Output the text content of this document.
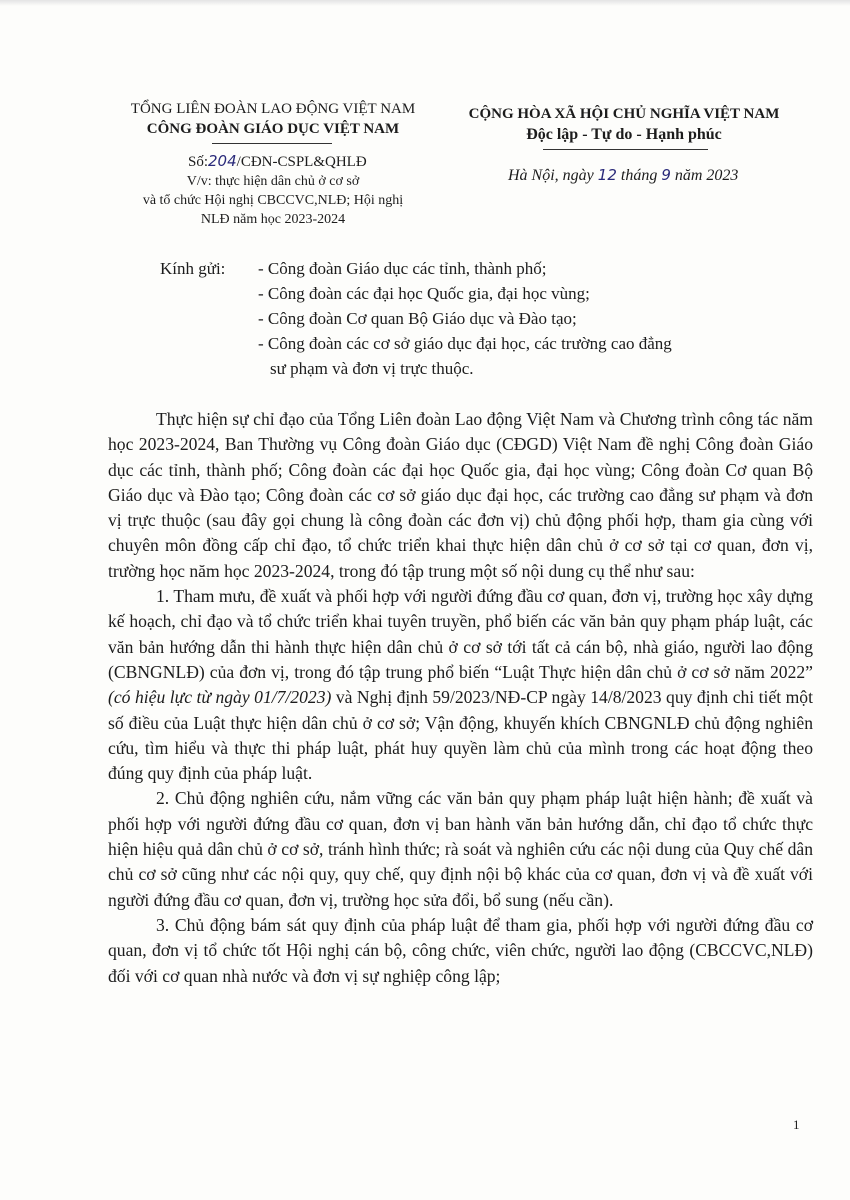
TỔNG LIÊN ĐOÀN LAO ĐỘNG VIỆT NAM
CÔNG ĐOÀN GIÁO DỤC VIỆT NAM
Số:204/CĐN-CSPL&QHLĐ
V/v: thực hiện dân chủ ở cơ sở
và tổ chức Hội nghị CBCCVC,NLĐ; Hội nghị
NLĐ năm học 2023-2024
CỘNG HÒA XÃ HỘI CHỦ NGHĨA VIỆT NAM
Độc lập - Tự do - Hạnh phúc
Hà Nội, ngày 12 tháng 9 năm 2023
Kính gửi: - Công đoàn Giáo dục các tỉnh, thành phố;
- Công đoàn các đại học Quốc gia, đại học vùng;
- Công đoàn Cơ quan Bộ Giáo dục và Đào tạo;
- Công đoàn các cơ sở giáo dục đại học, các trường cao đẳng
sư phạm và đơn vị trực thuộc.

Thực hiện sự chỉ đạo của Tổng Liên đoàn Lao động Việt Nam và Chương trình công tác năm học 2023-2024, Ban Thường vụ Công đoàn Giáo dục (CĐGD) Việt Nam đề nghị Công đoàn Giáo dục các tỉnh, thành phố; Công đoàn các đại học Quốc gia, đại học vùng; Công đoàn Cơ quan Bộ Giáo dục và Đào tạo; Công đoàn các cơ sở giáo dục đại học, các trường cao đẳng sư phạm và đơn vị trực thuộc (sau đây gọi chung là công đoàn các đơn vị) chủ động phối hợp, tham gia cùng với chuyên môn đồng cấp chỉ đạo, tổ chức triển khai thực hiện dân chủ ở cơ sở tại cơ quan, đơn vị, trường học năm học 2023-2024, trong đó tập trung một số nội dung cụ thể như sau:

1. Tham mưu, đề xuất và phối hợp với người đứng đầu cơ quan, đơn vị, trường học xây dựng kế hoạch, chỉ đạo và tổ chức triển khai tuyên truyền, phổ biến các văn bản quy phạm pháp luật, các văn bản hướng dẫn thi hành thực hiện dân chủ ở cơ sở tới tất cả cán bộ, nhà giáo, người lao động (CBNGNLĐ) của đơn vị, trong đó tập trung phổ biến “Luật Thực hiện dân chủ ở cơ sở năm 2022” (có hiệu lực từ ngày 01/7/2023) và Nghị định 59/2023/NĐ-CP ngày 14/8/2023 quy định chi tiết một số điều của Luật thực hiện dân chủ ở cơ sở; Vận động, khuyến khích CBNGNLĐ chủ động nghiên cứu, tìm hiểu và thực thi pháp luật, phát huy quyền làm chủ của mình trong các hoạt động theo đúng quy định của pháp luật.

2. Chủ động nghiên cứu, nắm vững các văn bản quy phạm pháp luật hiện hành; đề xuất và phối hợp với người đứng đầu cơ quan, đơn vị ban hành văn bản hướng dẫn, chỉ đạo tổ chức thực hiện hiệu quả dân chủ ở cơ sở, tránh hình thức; rà soát và nghiên cứu các nội dung của Quy chế dân chủ cơ sở cũng như các nội quy, quy chế, quy định nội bộ khác của cơ quan, đơn vị và đề xuất với người đứng đầu cơ quan, đơn vị, trường học sửa đổi, bổ sung (nếu cần).

3. Chủ động bám sát quy định của pháp luật để tham gia, phối hợp với người đứng đầu cơ quan, đơn vị tổ chức tốt Hội nghị cán bộ, công chức, viên chức, người lao động (CBCCVC,NLĐ) đối với cơ quan nhà nước và đơn vị sự nghiệp công lập;

1
